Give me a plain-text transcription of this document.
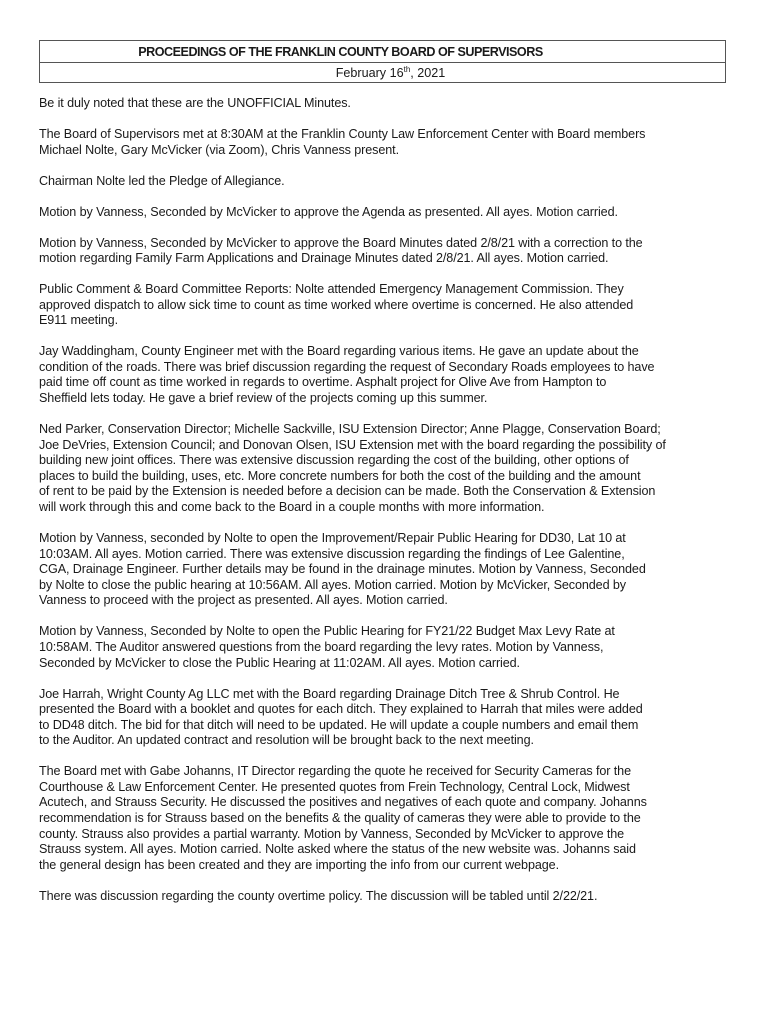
PROCEEDINGS OF THE FRANKLIN COUNTY BOARD OF SUPERVISORS
February 16th, 2021

Be it duly noted that these are the UNOFFICIAL Minutes.

The Board of Supervisors met at 8:30AM at the Franklin County Law Enforcement Center with Board members
Michael Nolte, Gary McVicker (via Zoom), Chris Vanness present.

Chairman Nolte led the Pledge of Allegiance.

Motion by Vanness, Seconded by McVicker to approve the Agenda as presented. All ayes. Motion carried.

Motion by Vanness, Seconded by McVicker to approve the Board Minutes dated 2/8/21 with a correction to the
motion regarding Family Farm Applications and Drainage Minutes dated 2/8/21. All ayes. Motion carried.

Public Comment & Board Committee Reports: Nolte attended Emergency Management Commission. They
approved dispatch to allow sick time to count as time worked where overtime is concerned. He also attended
E911 meeting.

Jay Waddingham, County Engineer met with the Board regarding various items. He gave an update about the
condition of the roads. There was brief discussion regarding the request of Secondary Roads employees to have
paid time off count as time worked in regards to overtime. Asphalt project for Olive Ave from Hampton to
Sheffield lets today. He gave a brief review of the projects coming up this summer.

Ned Parker, Conservation Director; Michelle Sackville, ISU Extension Director; Anne Plagge, Conservation Board;
Joe DeVries, Extension Council; and Donovan Olsen, ISU Extension met with the board regarding the possibility of
building new joint offices. There was extensive discussion regarding the cost of the building, other options of
places to build the building, uses, etc. More concrete numbers for both the cost of the building and the amount
of rent to be paid by the Extension is needed before a decision can be made. Both the Conservation & Extension
will work through this and come back to the Board in a couple months with more information.

Motion by Vanness, seconded by Nolte to open the Improvement/Repair Public Hearing for DD30, Lat 10 at
10:03AM. All ayes. Motion carried. There was extensive discussion regarding the findings of Lee Galentine,
CGA, Drainage Engineer. Further details may be found in the drainage minutes. Motion by Vanness, Seconded
by Nolte to close the public hearing at 10:56AM. All ayes. Motion carried. Motion by McVicker, Seconded by
Vanness to proceed with the project as presented. All ayes. Motion carried.

Motion by Vanness, Seconded by Nolte to open the Public Hearing for FY21/22 Budget Max Levy Rate at
10:58AM. The Auditor answered questions from the board regarding the levy rates. Motion by Vanness,
Seconded by McVicker to close the Public Hearing at 11:02AM. All ayes. Motion carried.

Joe Harrah, Wright County Ag LLC met with the Board regarding Drainage Ditch Tree & Shrub Control. He
presented the Board with a booklet and quotes for each ditch. They explained to Harrah that miles were added
to DD48 ditch. The bid for that ditch will need to be updated. He will update a couple numbers and email them
to the Auditor. An updated contract and resolution will be brought back to the next meeting.

The Board met with Gabe Johanns, IT Director regarding the quote he received for Security Cameras for the
Courthouse & Law Enforcement Center. He presented quotes from Frein Technology, Central Lock, Midwest
Acutech, and Strauss Security. He discussed the positives and negatives of each quote and company. Johanns
recommendation is for Strauss based on the benefits & the quality of cameras they were able to provide to the
county. Strauss also provides a partial warranty. Motion by Vanness, Seconded by McVicker to approve the
Strauss system. All ayes. Motion carried. Nolte asked where the status of the new website was. Johanns said
the general design has been created and they are importing the info from our current webpage.

There was discussion regarding the county overtime policy. The discussion will be tabled until 2/22/21.
